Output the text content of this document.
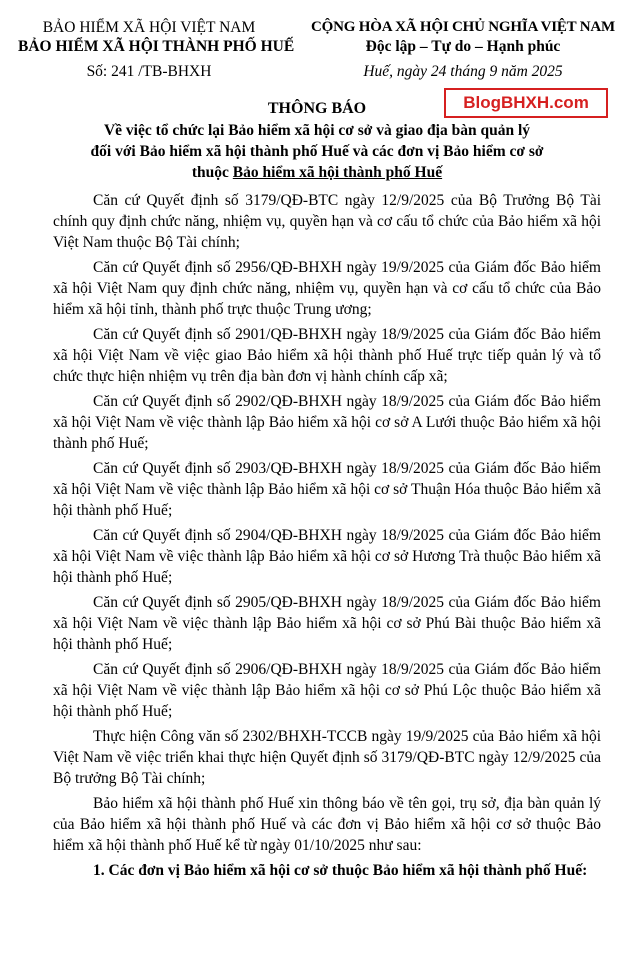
BẢO HIỂM XÃ HỘI VIỆT NAM
BẢO HIỂM XÃ HỘI THÀNH PHỐ HUẾ
Số: 241 /TB-BHXH
CỘNG HÒA XÃ HỘI CHỦ NGHĨA VIỆT NAM
Độc lập – Tự do – Hạnh phúc
Huế, ngày 24 tháng 9 năm 2025
THÔNG BÁO	BlogBHXH.com
Về việc tổ chức lại Bảo hiểm xã hội cơ sở và giao địa bàn quản lý
đối với Bảo hiểm xã hội thành phố Huế và các đơn vị Bảo hiểm cơ sở
thuộc Bảo hiểm xã hội thành phố Huế

Căn cứ Quyết định số 3179/QĐ-BTC ngày 12/9/2025 của Bộ Trưởng Bộ Tài chính quy định chức năng, nhiệm vụ, quyền hạn và cơ cấu tổ chức của Bảo hiểm xã hội Việt Nam thuộc Bộ Tài chính;

Căn cứ Quyết định số 2956/QĐ-BHXH ngày 19/9/2025 của Giám đốc Bảo hiểm xã hội Việt Nam quy định chức năng, nhiệm vụ, quyền hạn và cơ cấu tổ chức của Bảo hiểm xã hội tỉnh, thành phố trực thuộc Trung ương;

Căn cứ Quyết định số 2901/QĐ-BHXH ngày 18/9/2025 của Giám đốc Bảo hiểm xã hội Việt Nam về việc giao Bảo hiểm xã hội thành phố Huế trực tiếp quản lý và tổ chức thực hiện nhiệm vụ trên địa bàn đơn vị hành chính cấp xã;

Căn cứ Quyết định số 2902/QĐ-BHXH ngày 18/9/2025 của Giám đốc Bảo hiểm xã hội Việt Nam về việc thành lập Bảo hiểm xã hội cơ sở A Lưới thuộc Bảo hiểm xã hội thành phố Huế;

Căn cứ Quyết định số 2903/QĐ-BHXH ngày 18/9/2025 của Giám đốc Bảo hiểm xã hội Việt Nam về việc thành lập Bảo hiểm xã hội cơ sở Thuận Hóa thuộc Bảo hiểm xã hội thành phố Huế;

Căn cứ Quyết định số 2904/QĐ-BHXH ngày 18/9/2025 của Giám đốc Bảo hiểm xã hội Việt Nam về việc thành lập Bảo hiểm xã hội cơ sở Hương Trà thuộc Bảo hiểm xã hội thành phố Huế;

Căn cứ Quyết định số 2905/QĐ-BHXH ngày 18/9/2025 của Giám đốc Bảo hiểm xã hội Việt Nam về việc thành lập Bảo hiểm xã hội cơ sở Phú Bài thuộc Bảo hiểm xã hội thành phố Huế;

Căn cứ Quyết định số 2906/QĐ-BHXH ngày 18/9/2025 của Giám đốc Bảo hiểm xã hội Việt Nam về việc thành lập Bảo hiểm xã hội cơ sở Phú Lộc thuộc Bảo hiểm xã hội thành phố Huế;

Thực hiện Công văn số 2302/BHXH-TCCB ngày 19/9/2025 của Bảo hiểm xã hội Việt Nam về việc triển khai thực hiện Quyết định số 3179/QĐ-BTC ngày 12/9/2025 của Bộ trưởng Bộ Tài chính;

Bảo hiểm xã hội thành phố Huế xin thông báo về tên gọi, trụ sở, địa bàn quản lý của Bảo hiểm xã hội thành phố Huế và các đơn vị Bảo hiểm xã hội cơ sở thuộc Bảo hiểm xã hội thành phố Huế kể từ ngày 01/10/2025 như sau:

1. Các đơn vị Bảo hiểm xã hội cơ sở thuộc Bảo hiểm xã hội thành phố Huế:
